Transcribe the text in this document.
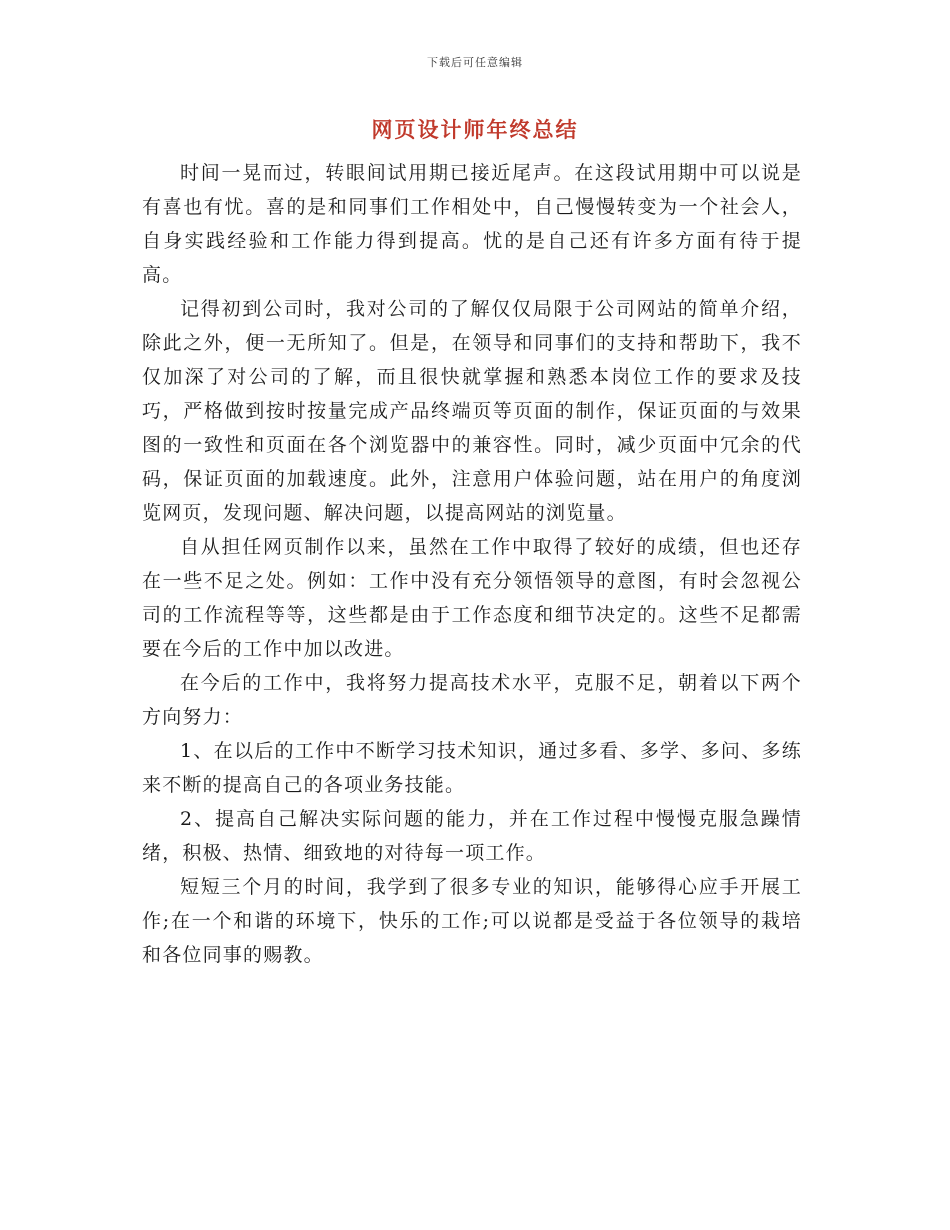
下载后可任意编辑
网页设计师年终总结

时间一晃而过，转眼间试用期已接近尾声。在这段试用期中可以说是有喜也有忧。喜的是和同事们工作相处中，自己慢慢转变为一个社会人，自身实践经验和工作能力得到提高。忧的是自己还有许多方面有待于提高。

记得初到公司时，我对公司的了解仅仅局限于公司网站的简单介绍，除此之外，便一无所知了。但是，在领导和同事们的支持和帮助下，我不仅加深了对公司的了解，而且很快就掌握和熟悉本岗位工作的要求及技巧，严格做到按时按量完成产品终端页等页面的制作，保证页面的与效果图的一致性和页面在各个浏览器中的兼容性。同时，减少页面中冗余的代码，保证页面的加载速度。此外，注意用户体验问题，站在用户的角度浏览网页，发现问题、解决问题，以提高网站的浏览量。

自从担任网页制作以来，虽然在工作中取得了较好的成绩，但也还存在一些不足之处。例如：工作中没有充分领悟领导的意图，有时会忽视公司的工作流程等等，这些都是由于工作态度和细节决定的。这些不足都需要在今后的工作中加以改进。

在今后的工作中，我将努力提高技术水平，克服不足，朝着以下两个方向努力：

1、在以后的工作中不断学习技术知识，通过多看、多学、多问、多练来不断的提高自己的各项业务技能。

2、提高自己解决实际问题的能力，并在工作过程中慢慢克服急躁情绪，积极、热情、细致地的对待每一项工作。

短短三个月的时间，我学到了很多专业的知识，能够得心应手开展工作;在一个和谐的环境下，快乐的工作;可以说都是受益于各位领导的栽培和各位同事的赐教。
